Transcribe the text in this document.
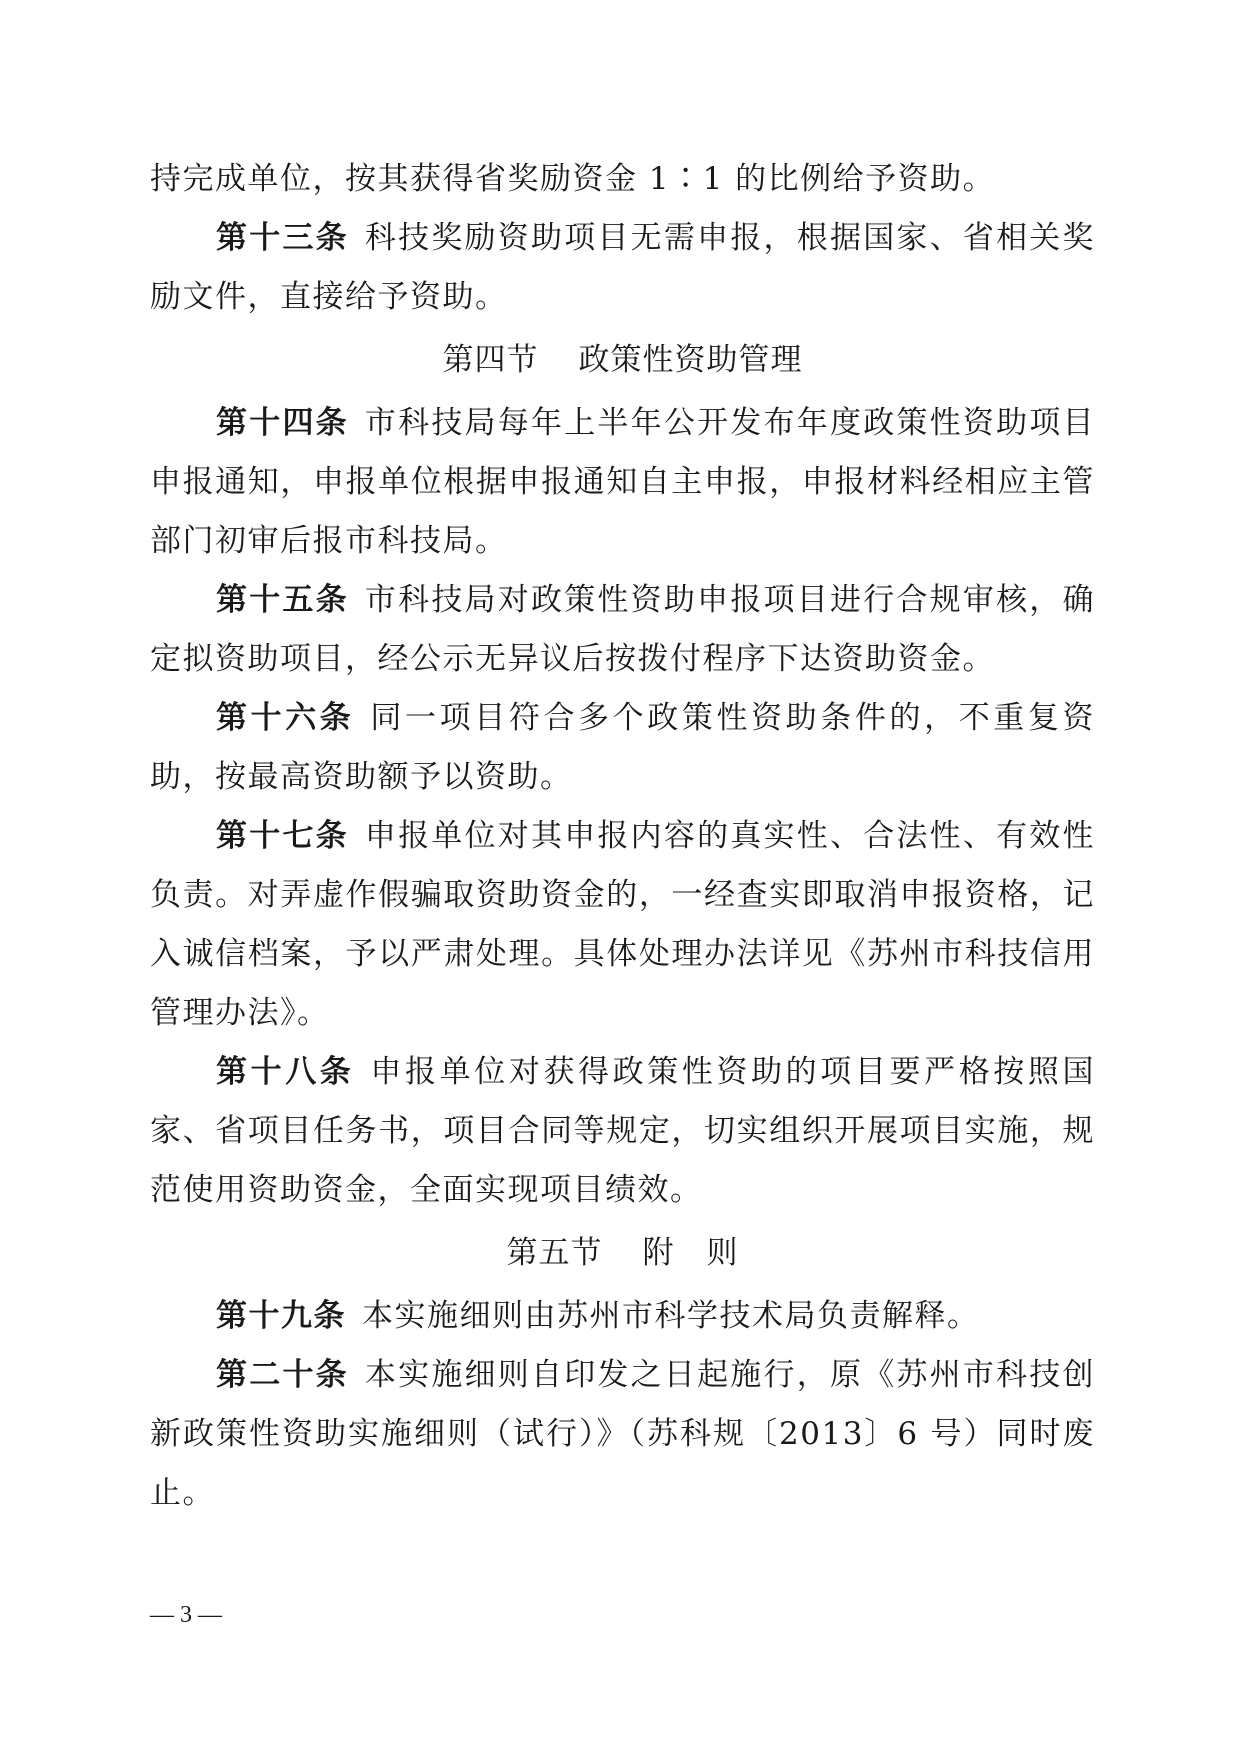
持完成单位，按其获得省奖励资金 1∶1 的比例给予资助。

第十三条 科技奖励资助项目无需申报，根据国家、省相关奖励文件，直接给予资助。

第四节 政策性资助管理

第十四条 市科技局每年上半年公开发布年度政策性资助项目申报通知，申报单位根据申报通知自主申报，申报材料经相应主管部门初审后报市科技局。

第十五条 市科技局对政策性资助申报项目进行合规审核，确定拟资助项目，经公示无异议后按拨付程序下达资助资金。

第十六条 同一项目符合多个政策性资助条件的，不重复资助，按最高资助额予以资助。

第十七条 申报单位对其申报内容的真实性、合法性、有效性负责。对弄虚作假骗取资助资金的，一经查实即取消申报资格，记入诚信档案，予以严肃处理。具体处理办法详见《苏州市科技信用管理办法》。

第十八条 申报单位对获得政策性资助的项目要严格按照国家、省项目任务书，项目合同等规定，切实组织开展项目实施，规范使用资助资金，全面实现项目绩效。

第五节 附　则

第十九条 本实施细则由苏州市科学技术局负责解释。

第二十条 本实施细则自印发之日起施行，原《苏州市科技创新政策性资助实施细则（试行）》（苏科规〔2013〕6 号）同时废止。

— 3 —
